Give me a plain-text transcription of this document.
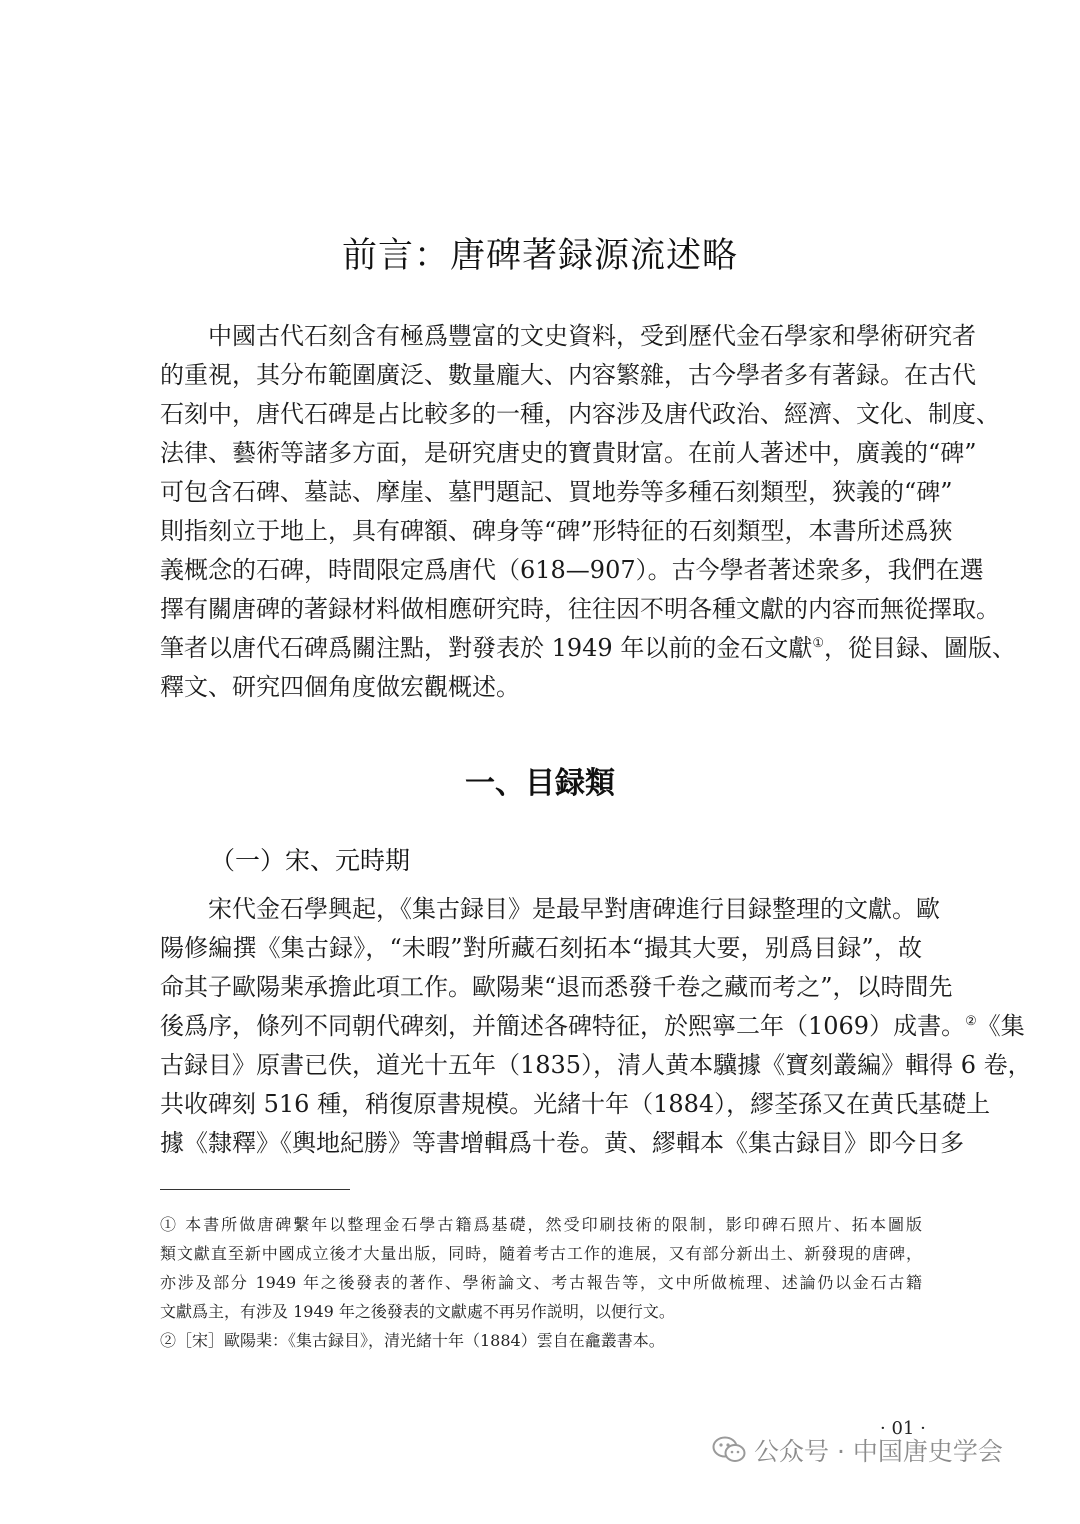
前言：唐碑著録源流述略
中國古代石刻含有極爲豐富的文史資料，受到歷代金石學家和學術研究者
的重視，其分布範圍廣泛、數量龐大、内容繁雜，古今學者多有著録。在古代
石刻中，唐代石碑是占比較多的一種，内容涉及唐代政治、經濟、文化、制度、
法律、藝術等諸多方面，是研究唐史的寶貴財富。在前人著述中，廣義的“碑”
可包含石碑、墓誌、摩崖、墓門題記、買地券等多種石刻類型，狹義的“碑”
則指刻立于地上，具有碑額、碑身等“碑”形特征的石刻類型，本書所述爲狹
義概念的石碑，時間限定爲唐代（618—907）。古今學者著述衆多，我們在選
擇有關唐碑的著録材料做相應研究時，往往因不明各種文獻的内容而無從擇取。
筆者以唐代石碑爲關注點，對發表於 1949 年以前的金石文獻①，從目録、圖版、
釋文、研究四個角度做宏觀概述。
一、目録類
（一）宋、元時期
宋代金石學興起，《集古録目》是最早對唐碑進行目録整理的文獻。歐
陽修編撰《集古録》，“未暇”對所藏石刻拓本“撮其大要，别爲目録”，故
命其子歐陽棐承擔此項工作。歐陽棐“退而悉發千卷之藏而考之”，以時間先
後爲序，條列不同朝代碑刻，并簡述各碑特征，於熙寧二年（1069）成書。②《集
古録目》原書已佚，道光十五年（1835），清人黄本驥據《寶刻叢編》輯得 6 卷，
共收碑刻 516 種，稍復原書規模。光緒十年（1884），繆荃孫又在黄氏基礎上
據《隸釋》《輿地紀勝》等書增輯爲十卷。黄、繆輯本《集古録目》即今日多
① 本書所做唐碑繫年以整理金石學古籍爲基礎，然受印刷技術的限制，影印碑石照片、拓本圖版
類文獻直至新中國成立後才大量出版，同時，隨着考古工作的進展，又有部分新出土、新發現的唐碑，
亦涉及部分 1949 年之後發表的著作、學術論文、考古報告等，文中所做梳理、述論仍以金石古籍
文獻爲主，有涉及 1949 年之後發表的文獻處不再另作説明，以便行文。
②［宋］歐陽棐：《集古録目》，清光緒十年（1884）雲自在龕叢書本。
· 01 ·
公众号 · 中国唐史学会
